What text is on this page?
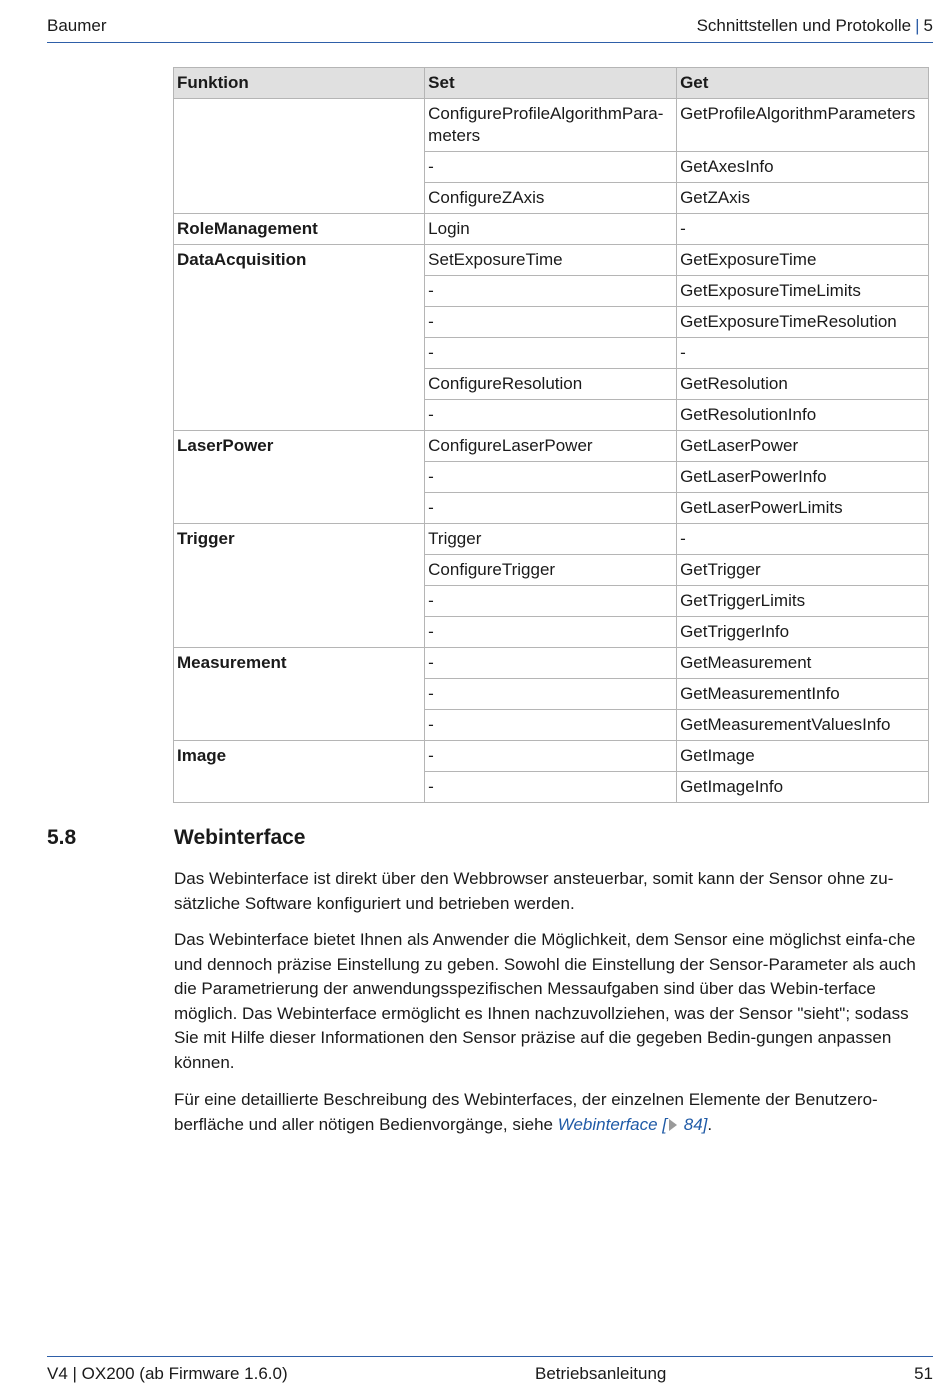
Baumer	Schnittstellen und Protokolle | 5
Funktion	Set	Get
	ConfigureProfileAlgorithmPara-meters	GetProfileAlgorithmParameters
	-	GetAxesInfo
	ConfigureZAxis	GetZAxis
RoleManagement	Login	-
DataAcquisition	SetExposureTime	GetExposureTime
	-	GetExposureTimeLimits
	-	GetExposureTimeResolution
	-	-
	ConfigureResolution	GetResolution
	-	GetResolutionInfo
LaserPower	ConfigureLaserPower	GetLaserPower
	-	GetLaserPowerInfo
	-	GetLaserPowerLimits
Trigger	Trigger	-
	ConfigureTrigger	GetTrigger
	-	GetTriggerLimits
	-	GetTriggerInfo
Measurement	-	GetMeasurement
	-	GetMeasurementInfo
	-	GetMeasurementValuesInfo
Image	-	GetImage
	-	GetImageInfo
5.8	Webinterface

Das Webinterface ist direkt über den Webbrowser ansteuerbar, somit kann der Sensor ohne zu-sätzliche Software konfiguriert und betrieben werden.

Das Webinterface bietet Ihnen als Anwender die Möglichkeit, dem Sensor eine möglichst einfa-che und dennoch präzise Einstellung zu geben. Sowohl die Einstellung der Sensor-Parameter als auch die Parametrierung der anwendungsspezifischen Messaufgaben sind über das Webin-terface möglich. Das Webinterface ermöglicht es Ihnen nachzuvollziehen, was der Sensor "sieht"; sodass Sie mit Hilfe dieser Informationen den Sensor präzise auf die gegeben Bedin-gungen anpassen können.

Für eine detaillierte Beschreibung des Webinterfaces, der einzelnen Elemente der Benutzero-berfläche und aller nötigen Bedienvorgänge, siehe Webinterface [ 84].

V4 | OX200 (ab Firmware 1.6.0)	Betriebsanleitung	51
